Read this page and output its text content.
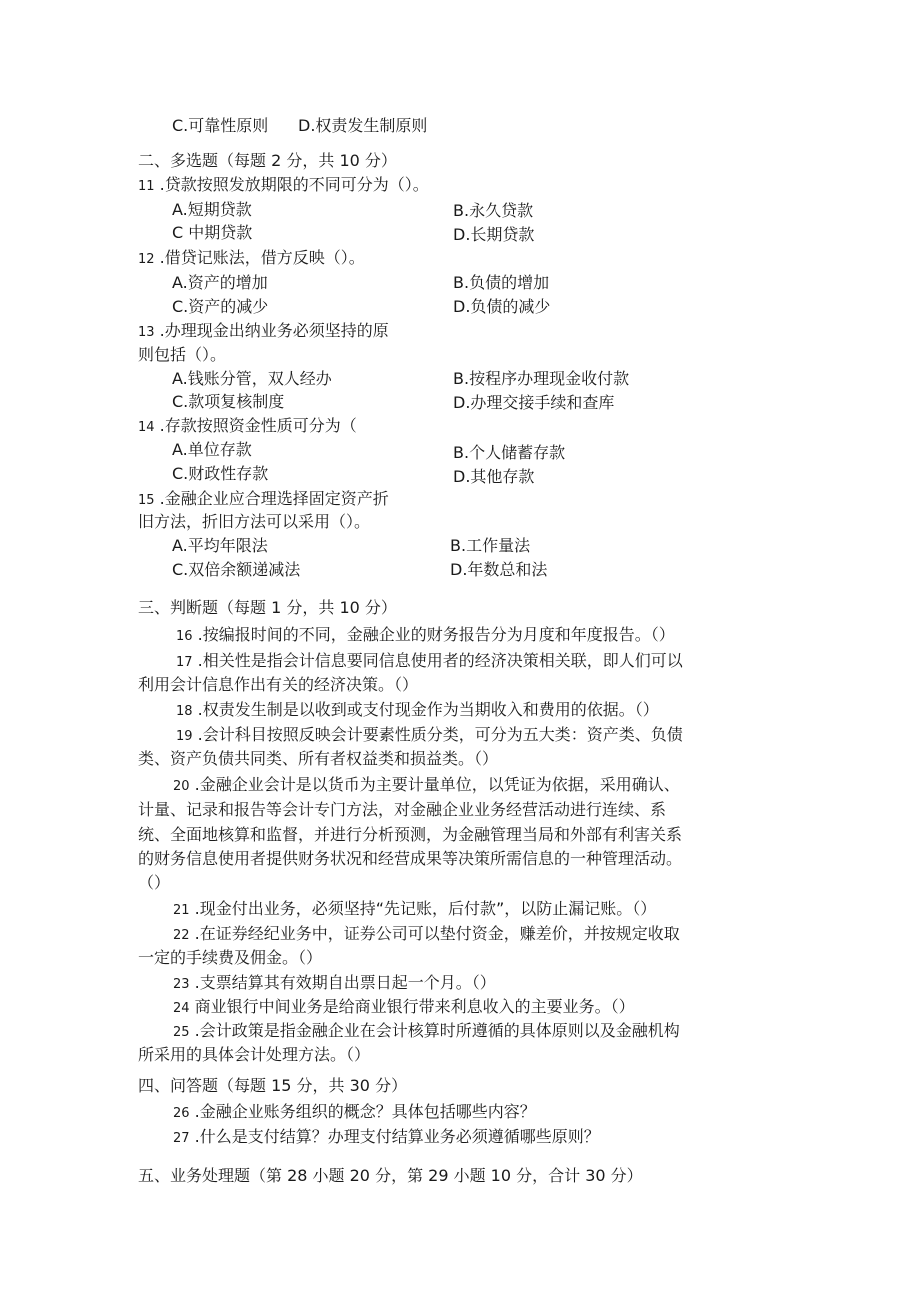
C.可靠性原则 D.权责发生制原则
二、多选题（每题 2 分，共 10 分）
11 .贷款按照发放期限的不同可分为（）。
A.短期贷款	B.永久贷款
C 中期贷款	D.长期贷款
12 .借贷记账法，借方反映（）。
A.资产的增加	B.负债的增加
C.资产的减少	D.负债的减少
13 .办理现金出纳业务必须坚持的原
则包括（）。
A.钱账分管，双人经办	B.按程序办理现金收付款
C.款项复核制度	D.办理交接手续和查库
14 .存款按照资金性质可分为（
A.单位存款	B.个人储蓄存款
C.财政性存款	D.其他存款
15 .金融企业应合理选择固定资产折
旧方法，折旧方法可以采用（）。
A.平均年限法	B.工作量法
C.双倍余额递减法	D.年数总和法
三、判断题（每题 1 分，共 10 分）
16 .按编报时间的不同，金融企业的财务报告分为月度和年度报告。（）
17 .相关性是指会计信息要同信息使用者的经济决策相关联，即人们可以
利用会计信息作出有关的经济决策。（）
18 .权责发生制是以收到或支付现金作为当期收入和费用的依据。（）
19 .会计科目按照反映会计要素性质分类，可分为五大类：资产类、负债
类、资产负债共同类、所有者权益类和损益类。（）
20 .金融企业会计是以货币为主要计量单位，以凭证为依据，采用确认、
计量、记录和报告等会计专门方法，对金融企业业务经营活动进行连续、系
统、全面地核算和监督，并进行分析预测，为金融管理当局和外部有利害关系
的财务信息使用者提供财务状况和经营成果等决策所需信息的一种管理活动。
（）
21 .现金付出业务，必须坚持“先记账，后付款”，以防止漏记账。（）
22 .在证券经纪业务中，证券公司可以垫付资金，赚差价，并按规定收取
一定的手续费及佣金。（）
23 .支票结算其有效期自出票日起一个月。（）
24 商业银行中间业务是给商业银行带来利息收入的主要业务。（）
25 .会计政策是指金融企业在会计核算时所遵循的具体原则以及金融机构
所采用的具体会计处理方法。（）
四、问答题（每题 15 分，共 30 分）
26 .金融企业账务组织的概念？具体包括哪些内容？
27 .什么是支付结算？办理支付结算业务必须遵循哪些原则？
五、业务处理题（第 28 小题 20 分，第 29 小题 10 分，合计 30 分）
